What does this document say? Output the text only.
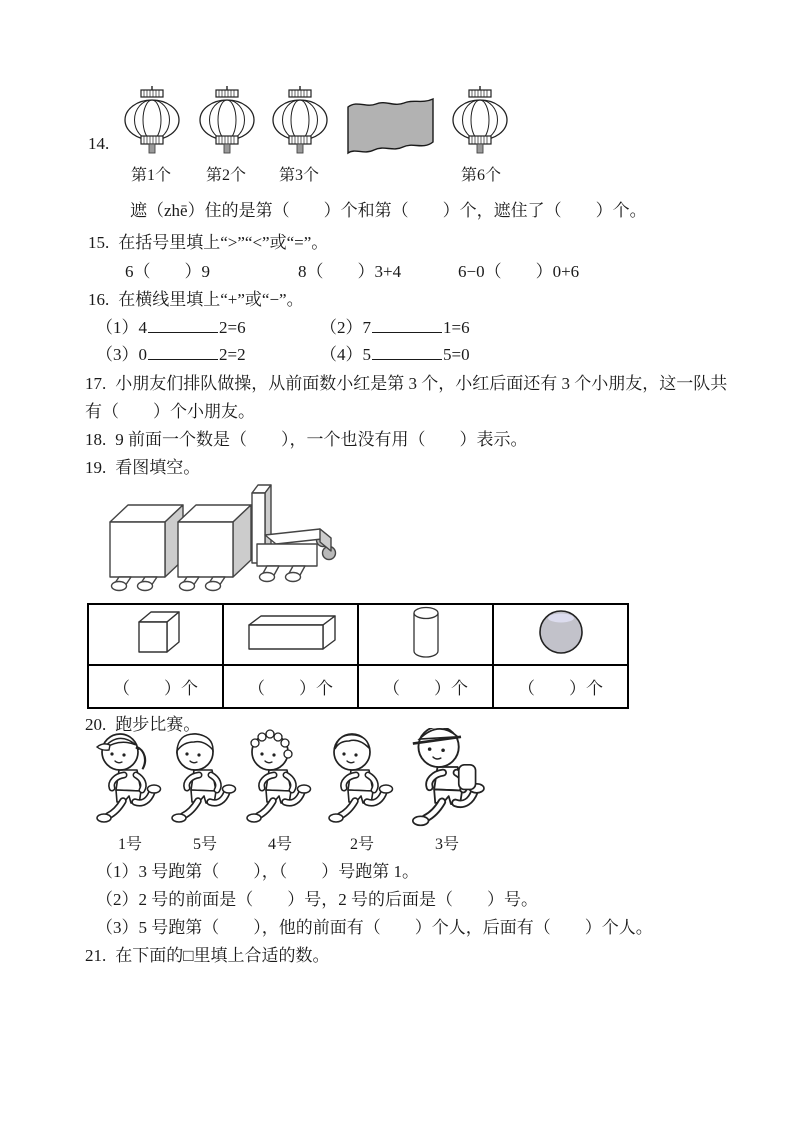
14.
第1个 第2个 第3个	第6个
遮（zhē）住的是第（　　）个和第（　　）个，遮住了（　　）个。
15. 在括号里填上“>”“<”或“=”。
6（　　）9	8（　　）3+4	6−0（　　）0+6
16. 在横线里填上“+”或“−”。
（1）4	2=6	（2）7	1=6
（3）0	2=2	（4）5	5=0
17. 小朋友们排队做操，从前面数小红是第 3 个，小红后面还有 3 个小朋友，这一队共
有（　　）个小朋友。
18. 9 前面一个数是（　　），一个也没有用（　　）表示。
19. 看图填空。

（　　）个	（　　）个	（　　）个	（　　）个
20. 跑步比赛。
1号	5号	4号	2号	3号
（1）3 号跑第（　　），（　　）号跑第 1。
（2）2 号的前面是（　　）号，2 号的后面是（　　）号。
（3）5 号跑第（　　），他的前面有（　　）个人，后面有（　　）个人。
21. 在下面的□里填上合适的数。
